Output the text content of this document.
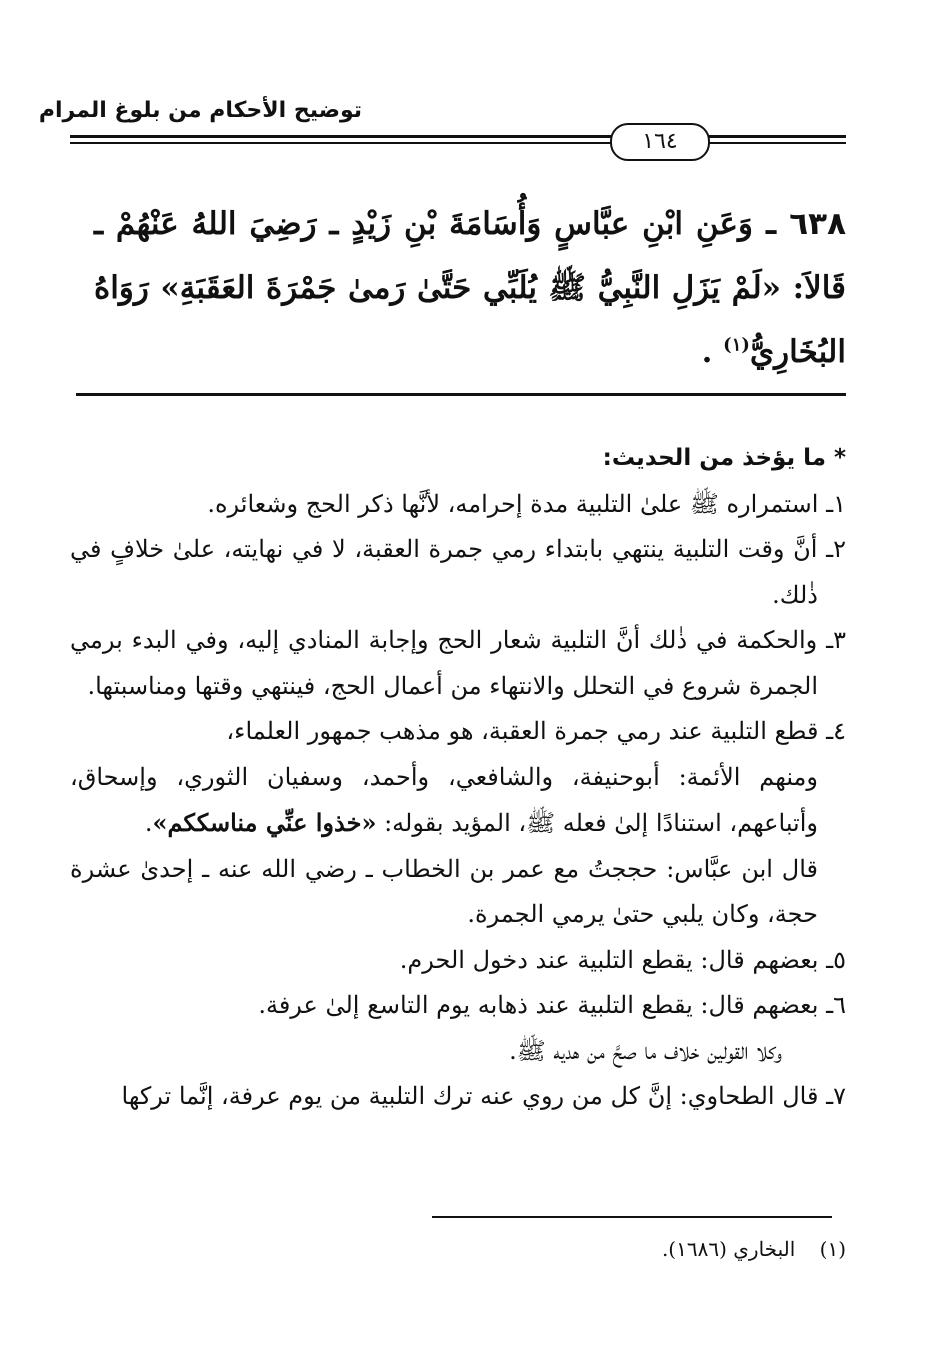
توضيح الأحكام من بلوغ المرام
١٦٤
٦٣٨ ـ وَعَنِ ابْنِ عبَّاسٍ وَأُسَامَةَ بْنِ زَيْدٍ ـ رَضِيَ اللهُ عَنْهُمْ ـ قَالاَ: «لَمْ يَزَلِ النَّبِيُّ ﷺ يُلَبِّي حَتَّىٰ رَمىٰ جَمْرَةَ العَقَبَةِ» رَوَاهُ البُخَارِيُّ$^{(١)}$ .

* ما يؤخذ من الحديث:

١ـ استمراره ﷺ علىٰ التلبية مدة إحرامه، لأنَّها ذكر الحج وشعائره.

٢ـ أنَّ وقت التلبية ينتهي بابتداء رمي جمرة العقبة، لا في نهايته، علىٰ خلافٍ في ذٰلك.

٣ـ والحكمة في ذٰلك أنَّ التلبية شعار الحج وإجابة المنادي إليه، وفي البدء برمي الجمرة شروع في التحلل والانتهاء من أعمال الحج، فينتهي وقتها ومناسبتها.

٤ـ قطع التلبية عند رمي جمرة العقبة، هو مذهب جمهور العلماء،

ومنهم الأئمة: أبوحنيفة، والشافعي، وأحمد، وسفيان الثوري، وإسحاق، وأتباعهم، استنادًا إلىٰ فعله ﷺ، المؤيد بقوله: «خذوا عنِّي مناسككم».

قال ابن عبَّاس: حججتُ مع عمر بن الخطاب ـ رضي الله عنه ـ إحدىٰ عشرة حجة، وكان يلبي حتىٰ يرمي الجمرة.

٥ـ بعضهم قال: يقطع التلبية عند دخول الحرم.

٦ـ بعضهم قال: يقطع التلبية عند ذهابه يوم التاسع إلىٰ عرفة.

وكلا القولين خلاف ما صحَّ من هديه ﷺ.

٧ـ قال الطحاوي: إنَّ كل من روي عنه ترك التلبية من يوم عرفة، إنَّما تركها

(١) البخاري (١٦٨٦).
